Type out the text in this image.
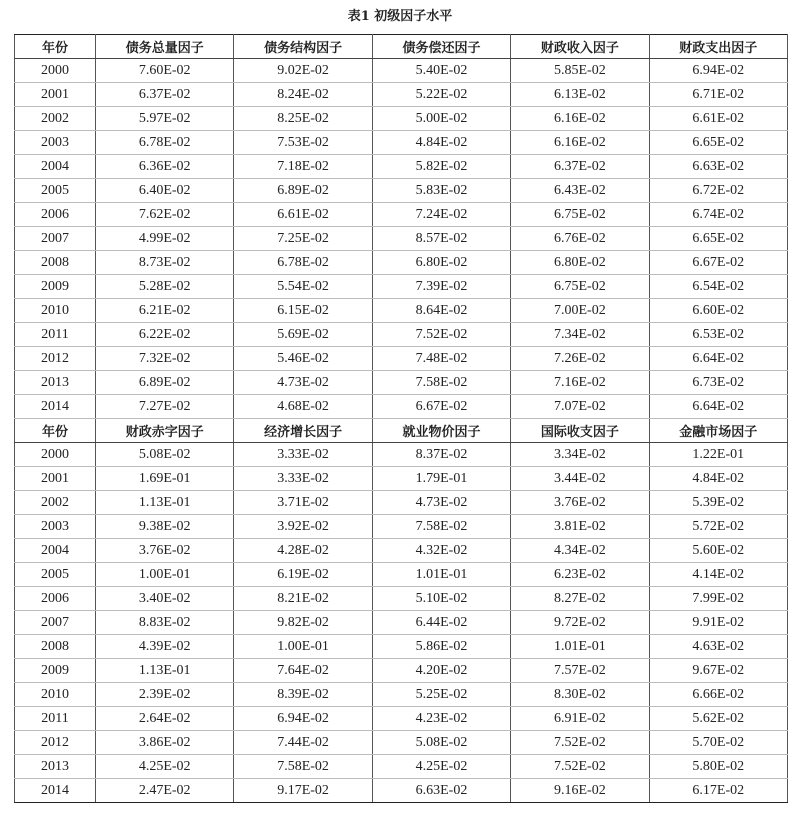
表1 初级因子水平
年份	债务总量因子	债务结构因子	债务偿还因子	财政收入因子	财政支出因子
2000	7.60E-02	9.02E-02	5.40E-02	5.85E-02	6.94E-02
2001	6.37E-02	8.24E-02	5.22E-02	6.13E-02	6.71E-02
2002	5.97E-02	8.25E-02	5.00E-02	6.16E-02	6.61E-02
2003	6.78E-02	7.53E-02	4.84E-02	6.16E-02	6.65E-02
2004	6.36E-02	7.18E-02	5.82E-02	6.37E-02	6.63E-02
2005	6.40E-02	6.89E-02	5.83E-02	6.43E-02	6.72E-02
2006	7.62E-02	6.61E-02	7.24E-02	6.75E-02	6.74E-02
2007	4.99E-02	7.25E-02	8.57E-02	6.76E-02	6.65E-02
2008	8.73E-02	6.78E-02	6.80E-02	6.80E-02	6.67E-02
2009	5.28E-02	5.54E-02	7.39E-02	6.75E-02	6.54E-02
2010	6.21E-02	6.15E-02	8.64E-02	7.00E-02	6.60E-02
2011	6.22E-02	5.69E-02	7.52E-02	7.34E-02	6.53E-02
2012	7.32E-02	5.46E-02	7.48E-02	7.26E-02	6.64E-02
2013	6.89E-02	4.73E-02	7.58E-02	7.16E-02	6.73E-02
2014	7.27E-02	4.68E-02	6.67E-02	7.07E-02	6.64E-02
年份	财政赤字因子	经济增长因子	就业物价因子	国际收支因子	金融市场因子
2000	5.08E-02	3.33E-02	8.37E-02	3.34E-02	1.22E-01
2001	1.69E-01	3.33E-02	1.79E-01	3.44E-02	4.84E-02
2002	1.13E-01	3.71E-02	4.73E-02	3.76E-02	5.39E-02
2003	9.38E-02	3.92E-02	7.58E-02	3.81E-02	5.72E-02
2004	3.76E-02	4.28E-02	4.32E-02	4.34E-02	5.60E-02
2005	1.00E-01	6.19E-02	1.01E-01	6.23E-02	4.14E-02
2006	3.40E-02	8.21E-02	5.10E-02	8.27E-02	7.99E-02
2007	8.83E-02	9.82E-02	6.44E-02	9.72E-02	9.91E-02
2008	4.39E-02	1.00E-01	5.86E-02	1.01E-01	4.63E-02
2009	1.13E-01	7.64E-02	4.20E-02	7.57E-02	9.67E-02
2010	2.39E-02	8.39E-02	5.25E-02	8.30E-02	6.66E-02
2011	2.64E-02	6.94E-02	4.23E-02	6.91E-02	5.62E-02
2012	3.86E-02	7.44E-02	5.08E-02	7.52E-02	5.70E-02
2013	4.25E-02	7.58E-02	4.25E-02	7.52E-02	5.80E-02
2014	2.47E-02	9.17E-02	6.63E-02	9.16E-02	6.17E-02
